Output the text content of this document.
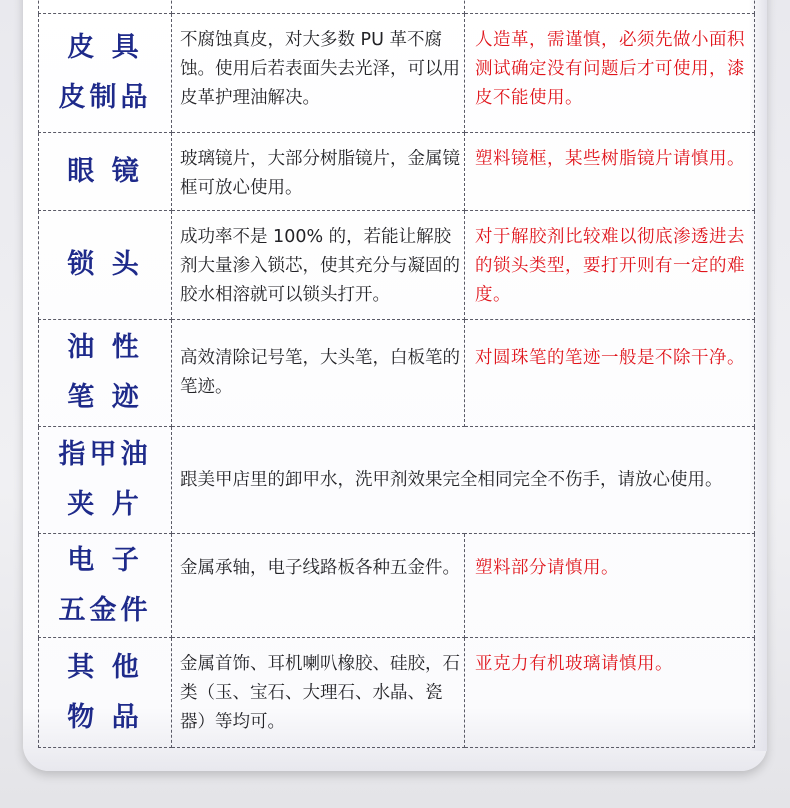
皮 具
皮制品	不腐蚀真皮，对大多数 PU 革不腐蚀。使用后若表面失去光泽，可以用皮革护理油解决。	人造革，需谨慎，必须先做小面积测试确定没有问题后才可使用，漆皮不能使用。

眼 镜	玻璃镜片，大部分树脂镜片，金属镜框可放心使用。	塑料镜框，某些树脂镜片请慎用。

锁 头	成功率不是 100% 的，若能让解胶剂大量渗入锁芯，使其充分与凝固的胶水相溶就可以锁头打开。	对于解胶剂比较难以彻底渗透进去的锁头类型，要打开则有一定的难度。

油 性
笔 迹	高效清除记号笔，大头笔，白板笔的笔迹。	对圆珠笔的笔迹一般是不除干净。

指甲油
夹 片	跟美甲店里的卸甲水，洗甲剂效果完全相同完全不伤手，请放心使用。	

电 子
五金件	金属承轴，电子线路板各种五金件。	塑料部分请慎用。

其 他
物 品	金属首饰、耳机喇叭橡胶、硅胶，石类（玉、宝石、大理石、水晶、瓷器）等均可。	亚克力有机玻璃请慎用。
